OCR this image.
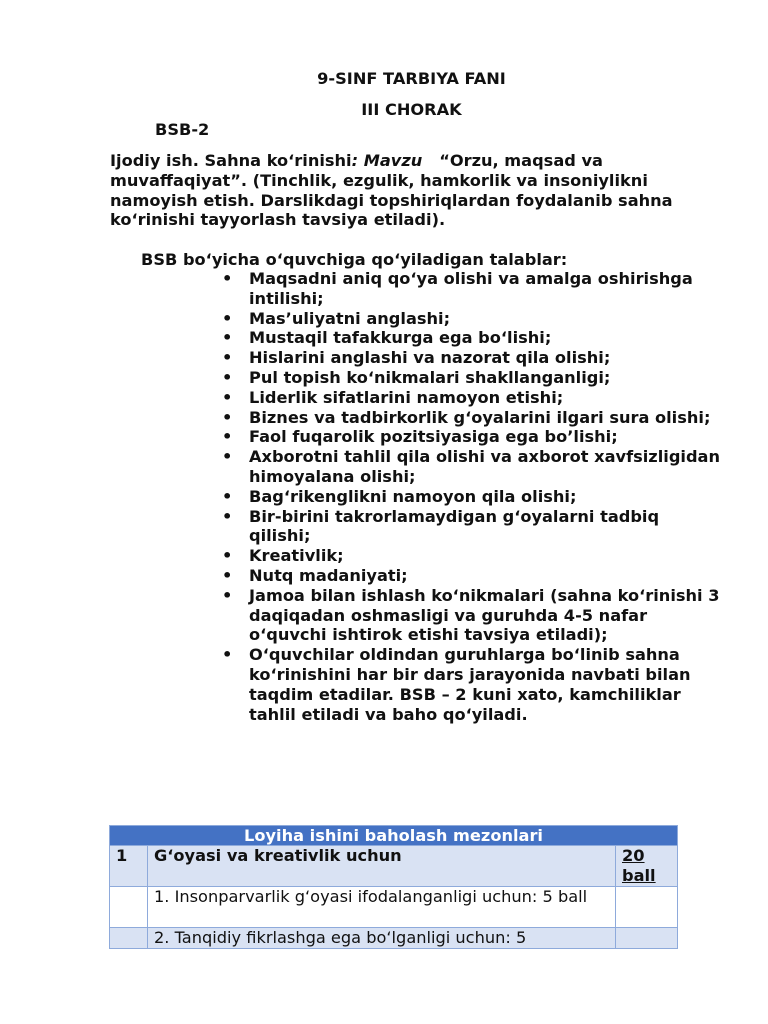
9-SINF TARBIYA FANI
III CHORAK
BSB-2
Ijodiy ish. Sahna ko‘rinishi: Mavzu “Orzu, maqsad va muvaffaqiyat”. (Tinchlik, ezgulik, hamkorlik va insoniylikni namoyish etish. Darslikdagi topshiriqlardan foydalanib sahna ko‘rinishi tayyorlash tavsiya etiladi).
BSB bo‘yicha o‘quvchiga qo‘yiladigan talablar:
• Maqsadni aniq qo‘ya olishi va amalga oshirishga intilishi;
• Mas’uliyatni anglashi;
• Mustaqil tafakkurga ega bo‘lishi;
• Hislarini anglashi va nazorat qila olishi;
• Pul topish ko‘nikmalari shakllanganligi;
• Liderlik sifatlarini namoyon etishi;
• Biznes va tadbirkorlik g‘oyalarini ilgari sura olishi;
• Faol fuqarolik pozitsiyasiga ega bo’lishi;
• Axborotni tahlil qila olishi va axborot xavfsizligidan himoyalana olishi;
• Bag‘rikenglikni namoyon qila olishi;
• Bir-birini takrorlamaydigan g‘oyalarni tadbiq qilishi;
• Kreativlik;
• Nutq madaniyati;
• Jamoa bilan ishlash ko‘nikmalari (sahna ko‘rinishi 3 daqiqadan oshmasligi va guruhda 4-5 nafar o‘quvchi ishtirok etishi tavsiya etiladi);
• O‘quvchilar oldindan guruhlarga bo‘linib sahna ko‘rinishini har bir dars jarayonida navbati bilan taqdim etadilar. BSB – 2 kuni xato, kamchiliklar tahlil etiladi va baho qo‘yiladi.
Loyiha ishini baholash mezonlari		
1	G‘oyasi va kreativlik uchun	20 ball
	1. Insonparvarlik g‘oyasi ifodalanganligi uchun: 5 ball	
	2. Tanqidiy fikrlashga ega bo‘lganligi uchun: 5	
